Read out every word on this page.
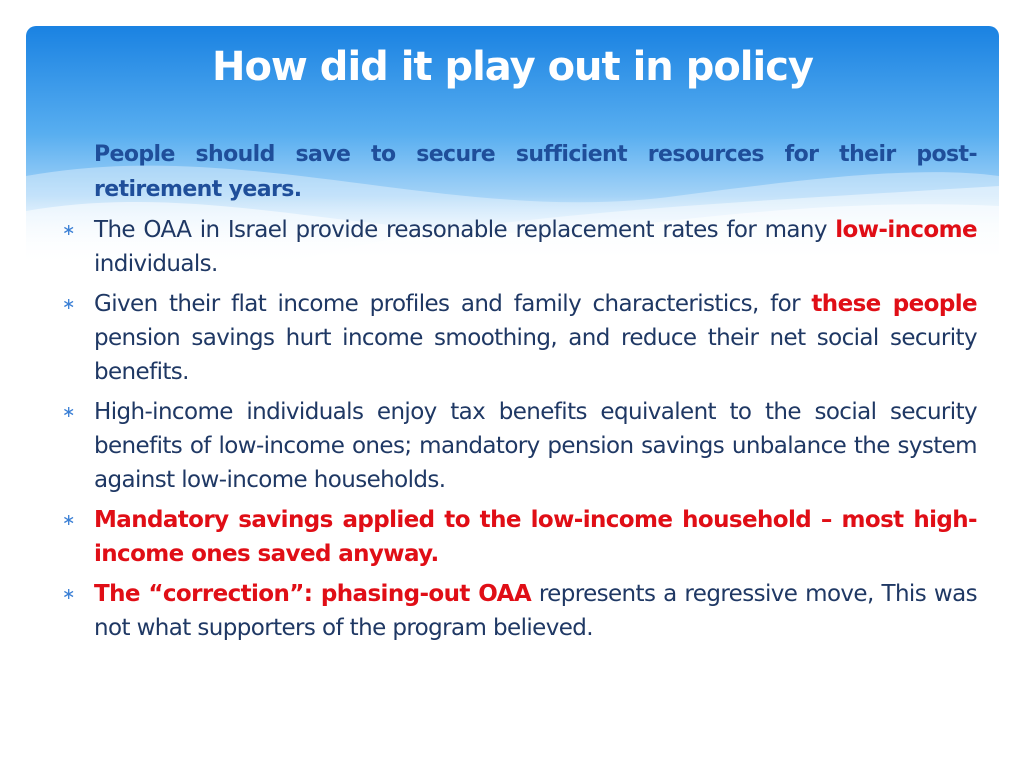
How did it play out in policy
People should save to secure sufficient resources for their post-retirement years.
∗ The OAA in Israel provide reasonable replacement rates for many low-income individuals.
∗ Given their flat income profiles and family characteristics, for these people pension savings hurt income smoothing, and reduce their net social security benefits.
∗ High-income individuals enjoy tax benefits equivalent to the social security benefits of low-income ones; mandatory pension savings unbalance the system against low-income households.
∗ Mandatory savings applied to the low-income household – most high-income ones saved anyway.
∗ The “correction”: phasing-out OAA represents a regressive move, This was not what supporters of the program believed.
